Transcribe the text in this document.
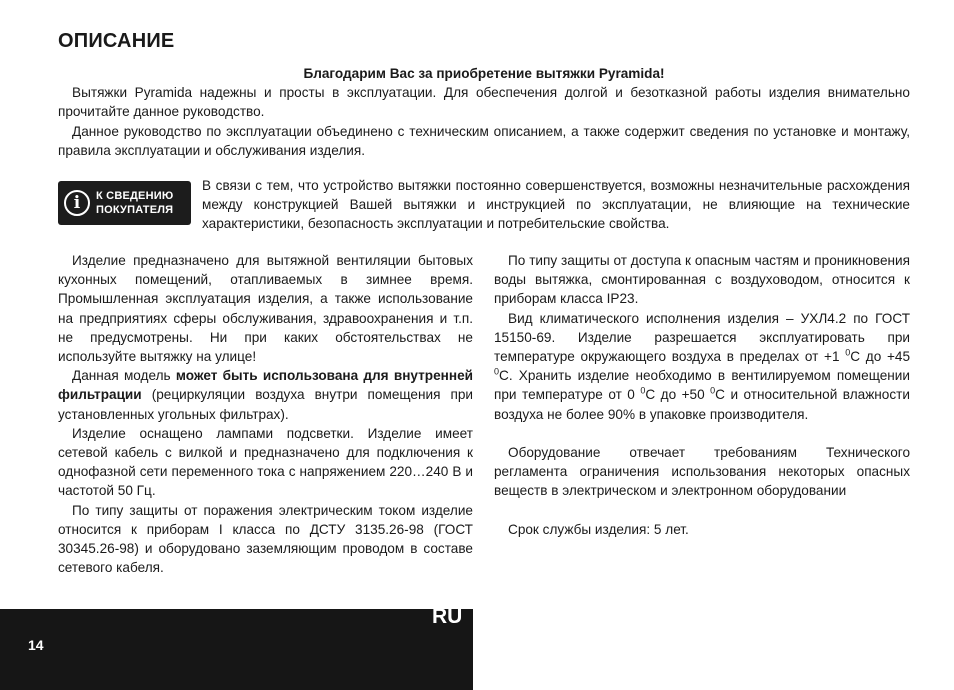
ОПИСАНИЕ
Благодарим Вас за приобретение вытяжки Pyramida!
Вытяжки Pyramida надежны и просты в эксплуатации. Для обеспечения долгой и безотказной работы изделия внимательно прочитайте данное руководство.
Данное руководство по эксплуатации объединено с техническим описанием, а также содержит сведения по установке и монтажу, правила эксплуатации и обслуживания изделия.
i	К СВЕДЕНИЮ
ПОКУПАТЕЛЯ
В связи с тем, что устройство вытяжки постоянно совершенствуется, возможны незначительные расхождения между конструкцией Вашей вытяжки и инструкцией по эксплуатации, не влияющие на технические характеристики, безопасность эксплуатации и потребительские свойства.

Изделие предназначено для вытяжной вентиляции бытовых кухонных помещений, отапливаемых в зимнее время. Промышленная эксплуатация изделия, а также использование на предприятиях сферы обслуживания, здравоохранения и т.п. не предусмотрены. Ни при каких обстоятельствах не используйте вытяжку на улице!

Данная модель может быть использована для внутренней фильтрации (рециркуляции воздуха внутри помещения при установленных угольных фильтрах).

Изделие оснащено лампами подсветки. Изделие имеет сетевой кабель с вилкой и предназначено для подключения к однофазной сети переменного тока с напряжением 220…240 В и частотой 50 Гц.

По типу защиты от поражения электрическим током изделие относится к приборам I класса по ДСТУ 3135.26-98 (ГОСТ 30345.26-98) и оборудовано заземляющим проводом в составе сетевого кабеля.

По типу защиты от доступа к опасным частям и проникновения воды вытяжка, смонтированная с воздуховодом, относится к приборам класса IP23.

Вид климатического исполнения изделия – УХЛ4.2 по ГОСТ 15150-69. Изделие разрешается эксплуатировать при температуре окружающего воздуха в пределах от +1 $^0$С до +45 $^0$С. Хранить изделие необходимо в вентилируемом помещении при температуре от 0 $^0$С до +50 $^0$С и относительной влажности воздуха не более 90% в упаковке производителя.

Оборудование отвечает требованиям Технического регламента ограничения использования некоторых опасных веществ в электрическом и электронном оборудовании

Срок службы изделия: 5 лет.

RU
14
